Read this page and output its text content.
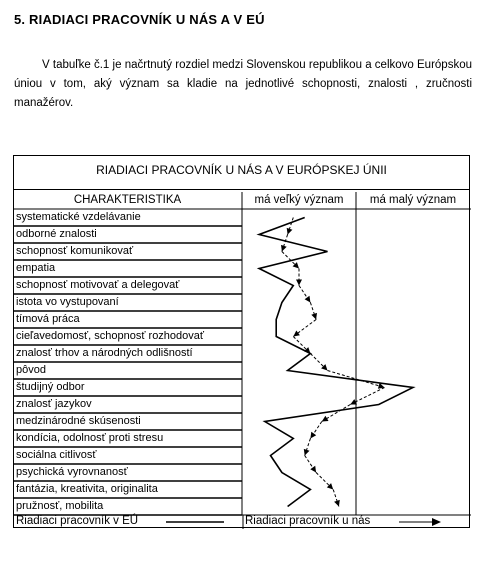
5. RIADIACI PRACOVNÍK U NÁS A V EÚ
V tabuľke č.1 je načrtnutý rozdiel medzi Slovenskou republikou a celkovo Európskou úniou v tom, aký význam sa kladie na jednotlivé schopnosti, znalosti , zručnosti manažérov.
RIADIACI PRACOVNÍK U NÁS A V EURÓPSKEJ ÚNII
CHARAKTERISTIKA	má veľký význam	má malý význam
systematické vzdelávanie
odborné znalosti
schopnosť komunikovať
empatia
schopnosť motivovať a delegovať
istota vo vystupovaní
tímová práca
cieľavedomosť, schopnosť rozhodovať
znalosť trhov a národných odlišností
pôvod
študijný odbor
znalosť jazykov
medzinárodné skúsenosti
kondícia, odolnosť proti stresu
sociálna citlivosť
psychická vyrovnanosť
fantázia, kreativita, originalita
pružnosť, mobilita
Riadiaci pracovník v EÚ	Riadiaci pracovník u nás
